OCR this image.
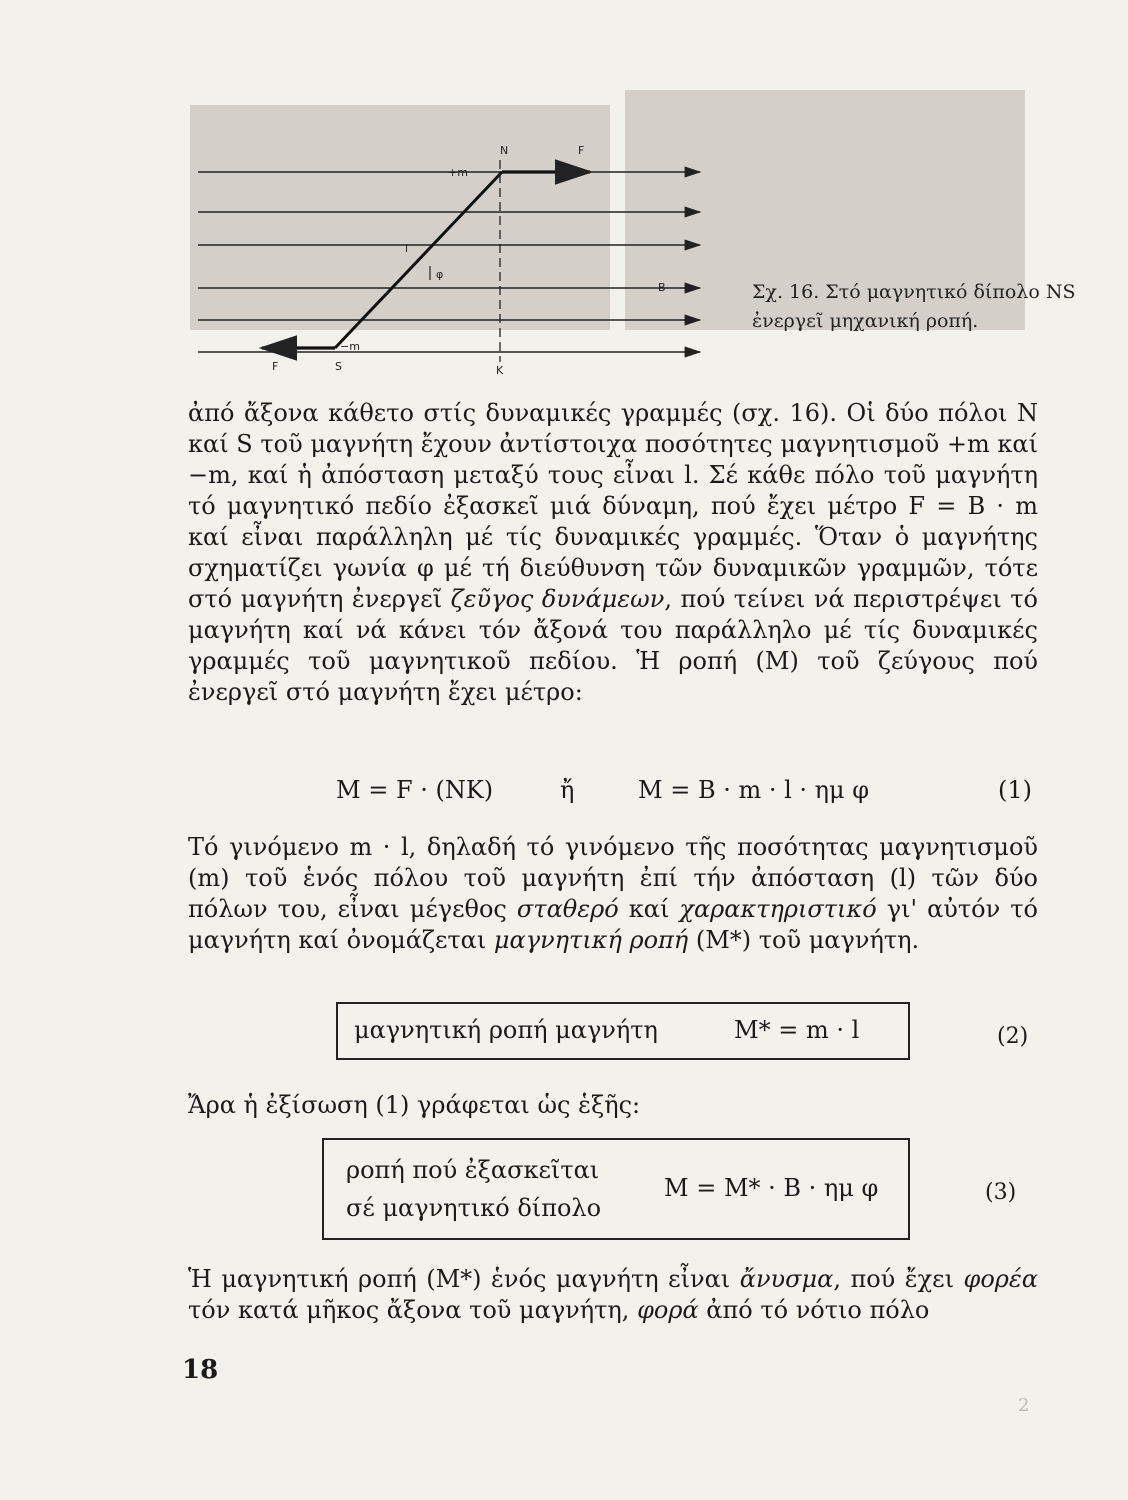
N	F
+m
l
φ
B
−m
S
F	K
Σχ. 16. Στό μαγνητικό δίπολο NS ἐνεργεῖ μηχανική ροπή.

ἀπό ἄξονα κάθετο στίς δυναμικές γραμμές (σχ. 16). Οἱ δύο πόλοι N καί S τοῦ μαγνήτη ἔχουν ἀντίστοιχα ποσότητες μαγνητισμοῦ +m καί −m, καί ἡ ἀπόσταση μεταξύ τους εἶναι l. Σέ κάθε πόλο τοῦ μαγνήτη τό μαγνητικό πεδίο ἐξασκεῖ μιά δύναμη, πού ἔχει μέτρο F = B · m καί εἶναι παράλληλη μέ τίς δυναμικές γραμμές. Ὅταν ὁ μαγνήτης σχηματίζει γωνία φ μέ τή διεύθυνση τῶν δυναμικῶν γραμμῶν, τότε στό μαγνήτη ἐνεργεῖ ζεῦγος δυνάμεων, πού τείνει νά περιστρέψει τό μαγνήτη καί νά κάνει τόν ἄξονά του παράλληλο μέ τίς δυναμικές γραμμές τοῦ μαγνητικοῦ πεδίου. Ἡ ροπή (M) τοῦ ζεύγους πού ἐνεργεῖ στό μαγνήτη ἔχει μέτρο:

M = F · (NK)	ἤ	M = B · m · l · ημ φ	(1)

Τό γινόμενο m · l, δηλαδή τό γινόμενο τῆς ποσότητας μαγνητισμοῦ (m) τοῦ ἑνός πόλου τοῦ μαγνήτη ἐπί τήν ἀπόσταση (l) τῶν δύο πόλων του, εἶναι μέγεθος σταθερό καί χαρακτηριστικό γι' αὐτόν τό μαγνήτη καί ὀνομάζεται μαγνητική ροπή (M*) τοῦ μαγνήτη.

μαγνητική ροπή μαγνήτη	M* = m · l	(2)
Ἄρα ἡ ἐξίσωση (1) γράφεται ὡς ἑξῆς:
ροπή πού ἐξασκεῖται
σέ μαγνητικό δίπολο
M = M* · B · ημ φ	(3)

Ἡ μαγνητική ροπή (M*) ἑνός μαγνήτη εἶναι ἄνυσμα, πού ἔχει φορέα τόν κατά μῆκος ἄξονα τοῦ μαγνήτη, φορά ἀπό τό νότιο πόλο

18
2
